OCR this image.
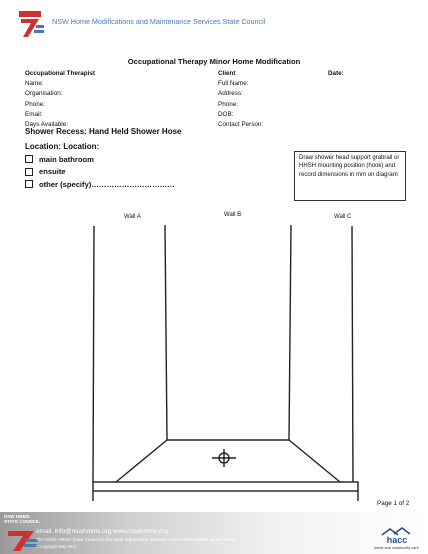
NSW Home Modifications and Maintenance Services State Council
Occupational Therapy Minor Home Modification
Occupational Therapist
Name:
Organisation:
Phone:
Email:
Days Available:
Client
Full Name:
Address:
Phone:
DOB:
Contact Person:
Date:
Shower Recess: Hand Held Shower Hose
Location: Location:
main bathroom
ensuite
other (specify)……………………………
Draw shower head support grabrail or HHSH mounting position (hook) and record dimensions in mm on diagram
Wall A	Wall B	Wall C
Page 1 of 2
NSW HMMS
STATE COUNCIL
email. info@nswhmms.org www.nswhmms.org
The NSW HMMS State Council is the peak organisation proudly representing HMMS across NSW
© copyright May 2011
hacc
home and community care
